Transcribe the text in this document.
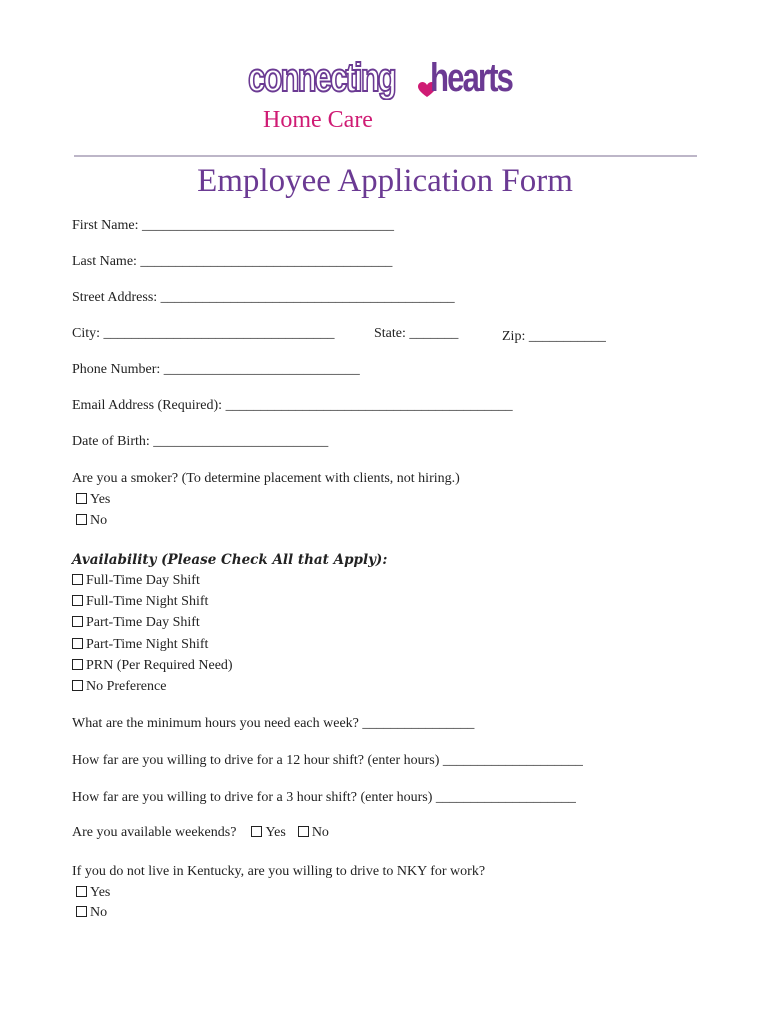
connecting hearts
Home Care
Employee Application Form
First Name: ____________________________________
Last Name: ____________________________________
Street Address: __________________________________________
City: _________________________________	State: _______	Zip: ___________
Phone Number: ____________________________
Email Address (Required): _________________________________________
Date of Birth: _________________________
Are you a smoker? (To determine placement with clients, not hiring.)
Yes
No
Availability (Please Check All that Apply):
Full-Time Day Shift
Full-Time Night Shift
Part-Time Day Shift
Part-Time Night Shift
PRN (Per Required Need)
No Preference
What are the minimum hours you need each week? ________________
How far are you willing to drive for a 12 hour shift? (enter hours) ____________________
How far are you willing to drive for a 3 hour shift? (enter hours) ____________________
Are you available weekends? Yes No
If you do not live in Kentucky, are you willing to drive to NKY for work?
Yes
No
